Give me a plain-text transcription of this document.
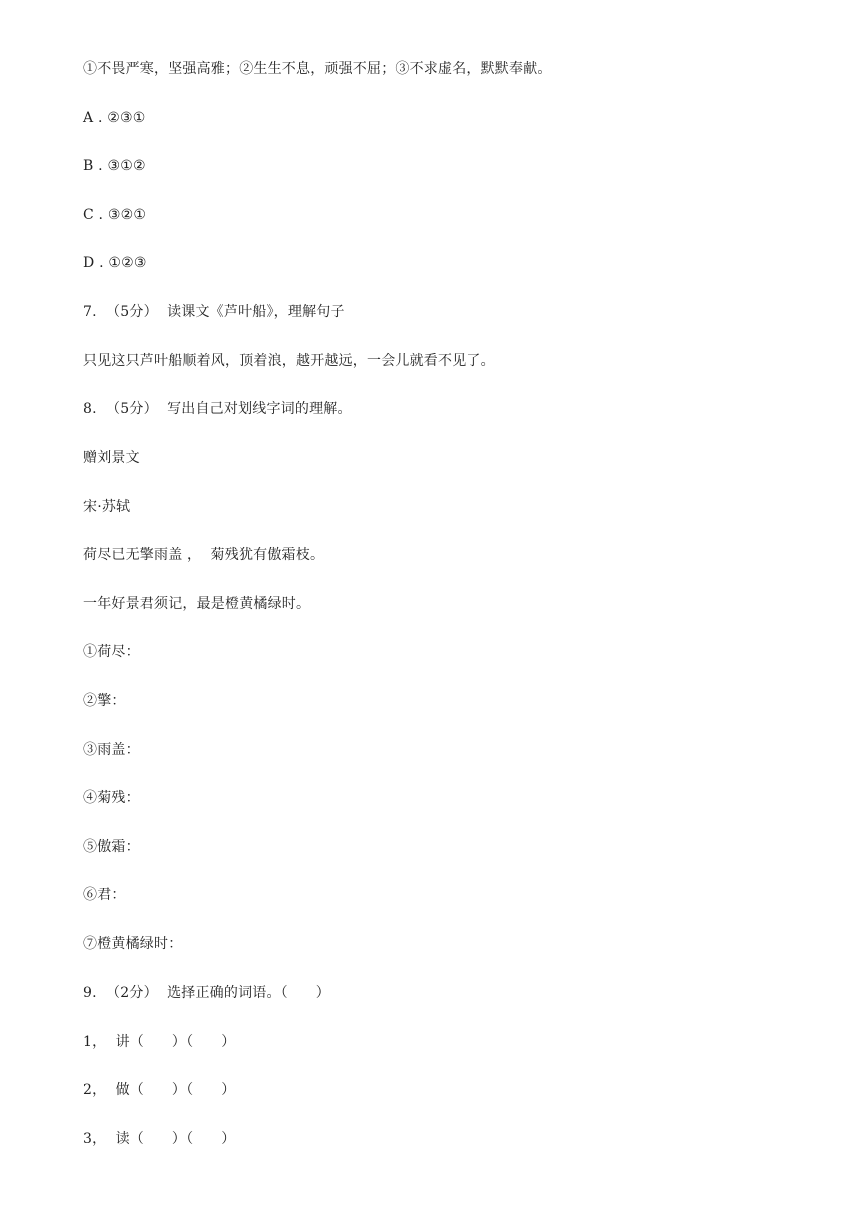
①不畏严寒，坚强高雅；②生生不息，顽强不屈；③不求虚名，默默奉献。
A . ②③①
B . ③①②
C . ③②①
D . ①②③
7.  （5分）  读课文《芦叶船》，理解句子
只见这只芦叶船顺着风，顶着浪，越开越远，一会儿就看不见了。
8.  （5分）  写出自己对划线字词的理解。
赠刘景文
宋·苏轼
荷尽已无擎雨盖 ，  菊残犹有傲霜枝。
一年好景君须记，最是橙黄橘绿时。
①荷尽：
②擎：
③雨盖：
④菊残：
⑤傲霜：
⑥君：
⑦橙黄橘绿时：
9.  （2分）  选择正确的词语。（      ）
1，  讲（      ）（      ）
2，  做（      ）（      ）
3，  读（      ）（      ）
